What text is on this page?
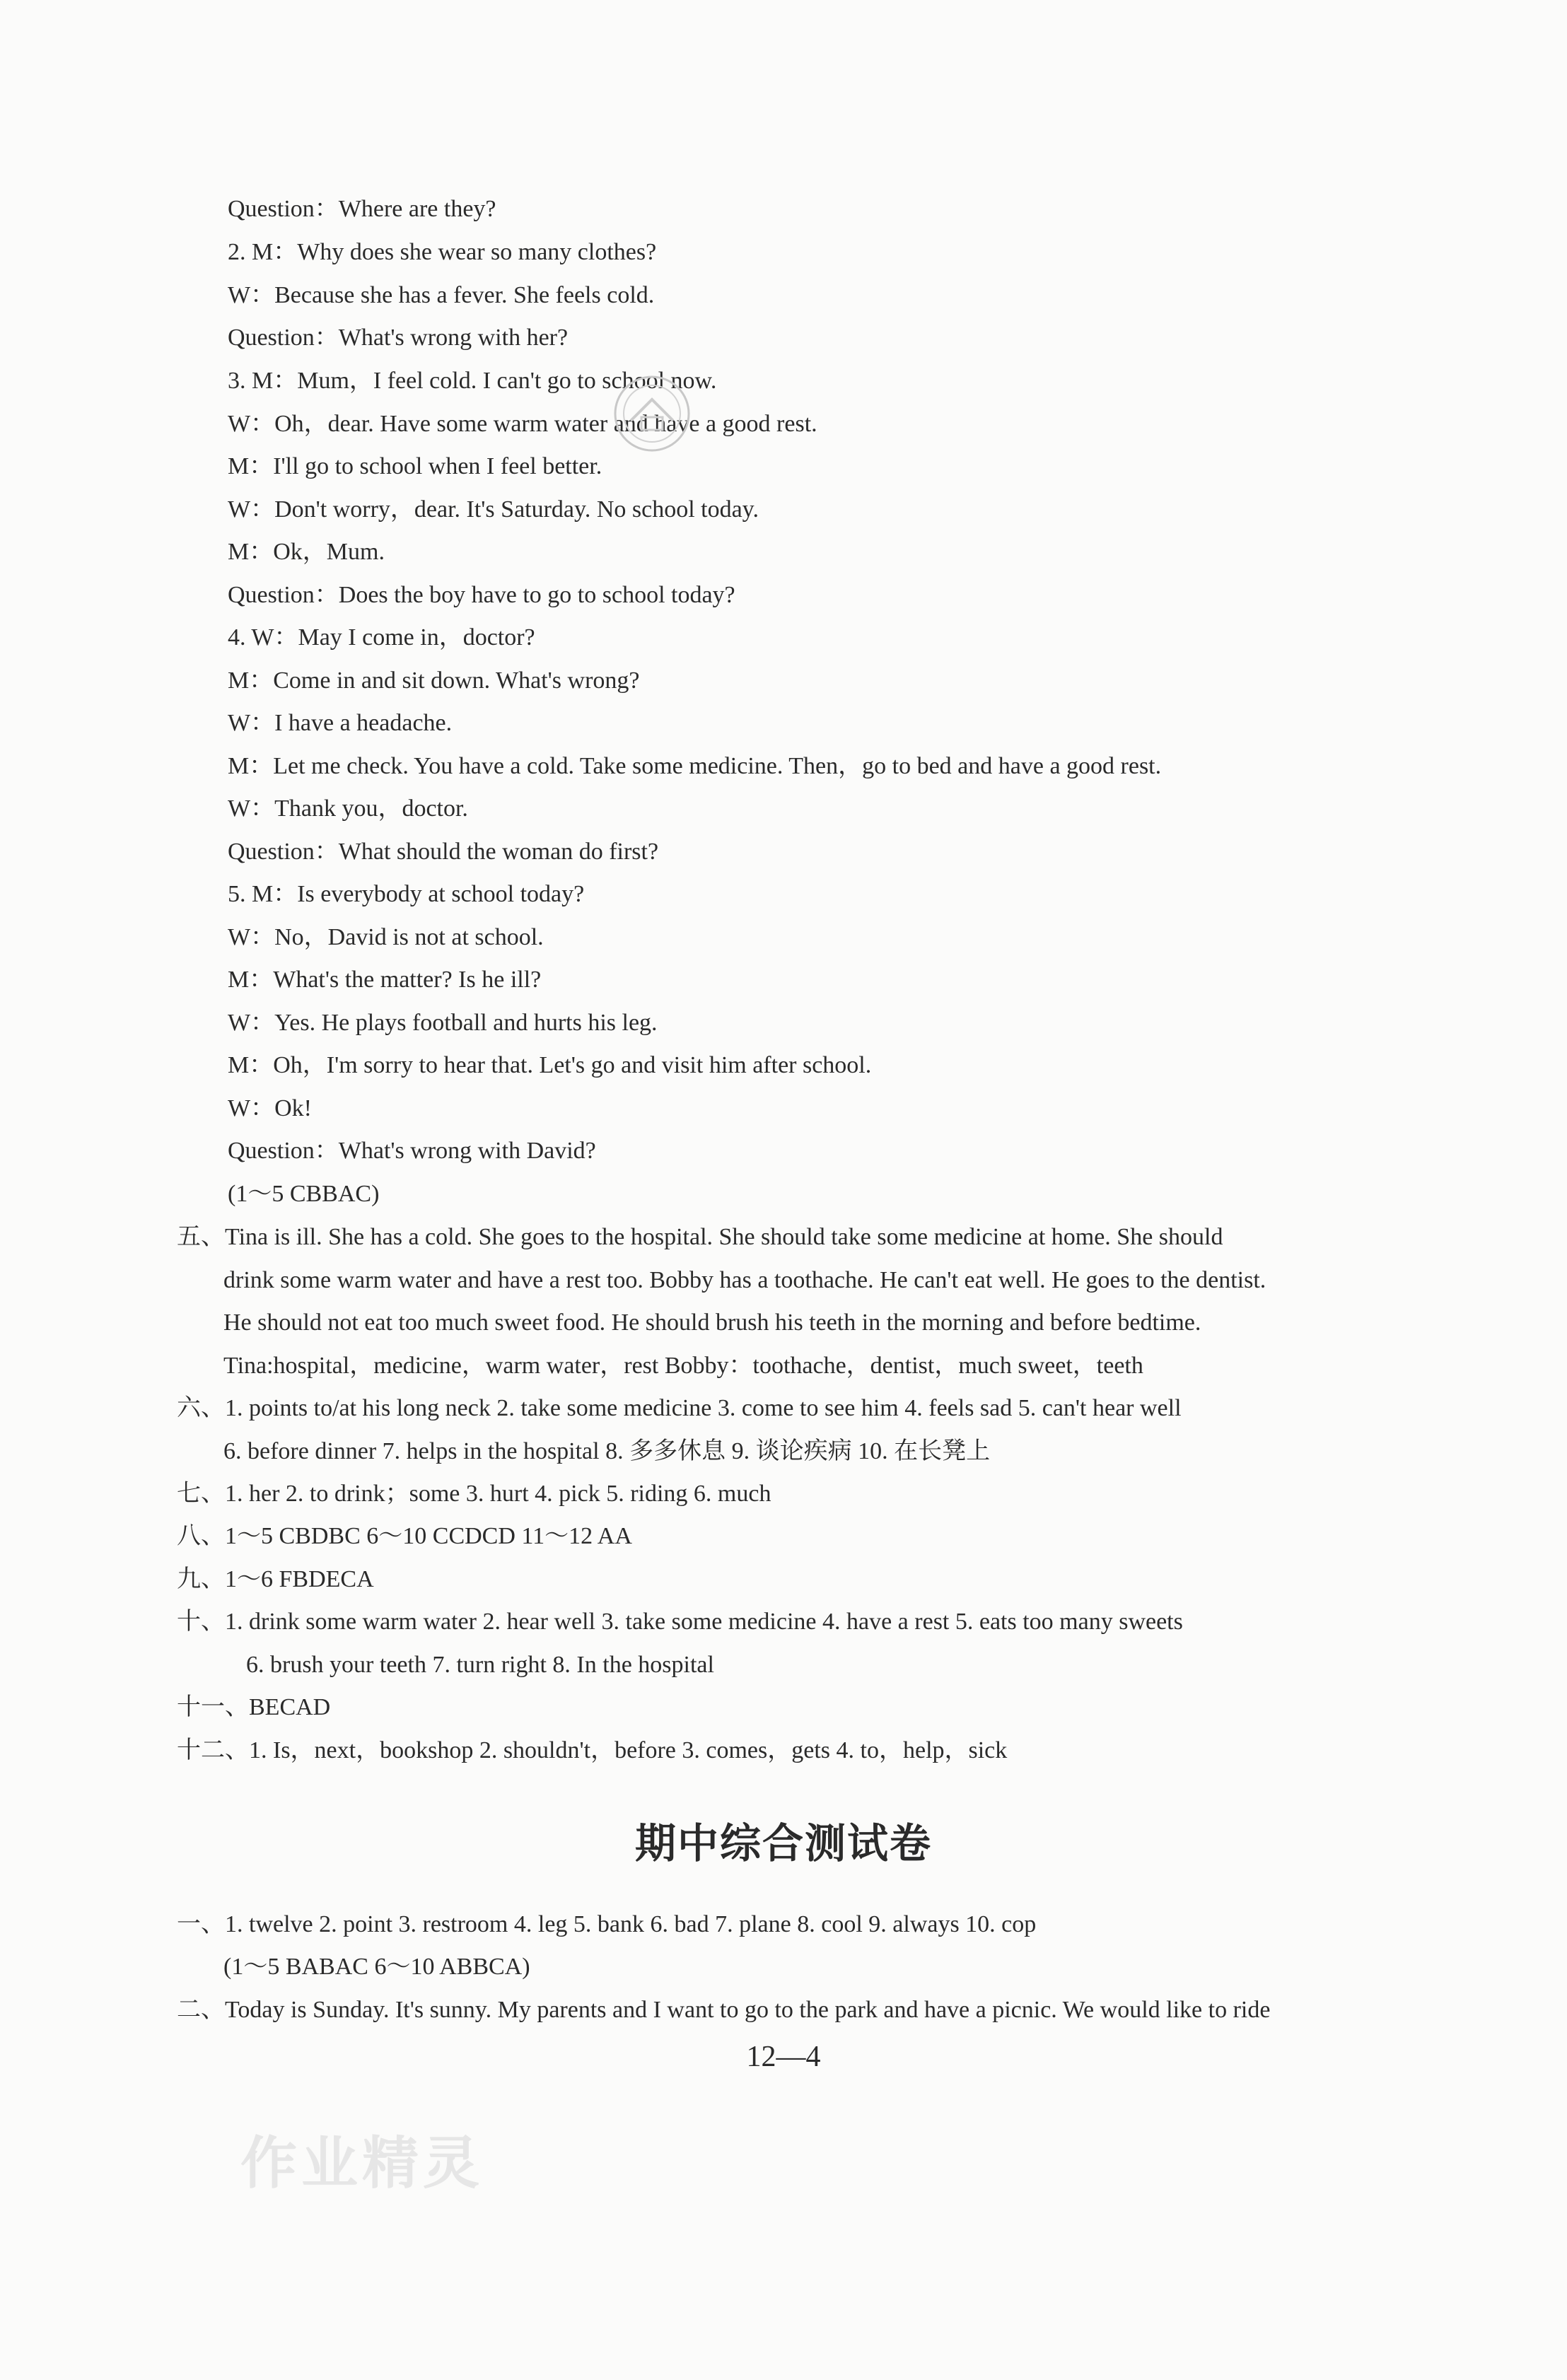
Question：Where are they?
2. M：Why does she wear so many clothes?
W：Because she has a fever. She feels cold.
Question：What's wrong with her?
3. M：Mum，I feel cold. I can't go to school now.
W：Oh，dear. Have some warm water and have a good rest.
M：I'll go to school when I feel better.
W：Don't worry，dear. It's Saturday. No school today.
M：Ok，Mum.
Question：Does the boy have to go to school today?
4. W：May I come in，doctor?
M：Come in and sit down. What's wrong?
W：I have a headache.
M：Let me check. You have a cold. Take some medicine. Then，go to bed and have a good rest.
W：Thank you，doctor.
Question：What should the woman do first?
5. M：Is everybody at school today?
W：No，David is not at school.
M：What's the matter? Is he ill?
W：Yes. He plays football and hurts his leg.
M：Oh，I'm sorry to hear that. Let's go and visit him after school.
W：Ok!
Question：What's wrong with David?
(1～5 CBBAC)
五、Tina is ill. She has a cold. She goes to the hospital. She should take some medicine at home. She should
drink some warm water and have a rest too. Bobby has a toothache. He can't eat well. He goes to the dentist.
He should not eat too much sweet food. He should brush his teeth in the morning and before bedtime.
Tina:hospital，medicine，warm water，rest Bobby：toothache，dentist，much sweet，teeth
六、1. points to/at his long neck 2. take some medicine 3. come to see him 4. feels sad 5. can't hear well
6. before dinner 7. helps in the hospital 8. 多多休息 9. 谈论疾病 10. 在长凳上
七、1. her 2. to drink；some 3. hurt 4. pick 5. riding 6. much
八、1～5 CBDBC 6～10 CCDCD 11～12 AA
九、1～6 FBDECA
十、1. drink some warm water 2. hear well 3. take some medicine 4. have a rest 5. eats too many sweets
6. brush your teeth 7. turn right 8. In the hospital
十一、BECAD
十二、1. Is，next，bookshop 2. shouldn't，before 3. comes，gets 4. to，help，sick
期中综合测试卷
一、1. twelve 2. point 3. restroom 4. leg 5. bank 6. bad 7. plane 8. cool 9. always 10. cop
(1～5 BABAC 6～10 ABBCA)
二、Today is Sunday. It's sunny. My parents and I want to go to the park and have a picnic. We would like to ride
12—4
作业精灵
